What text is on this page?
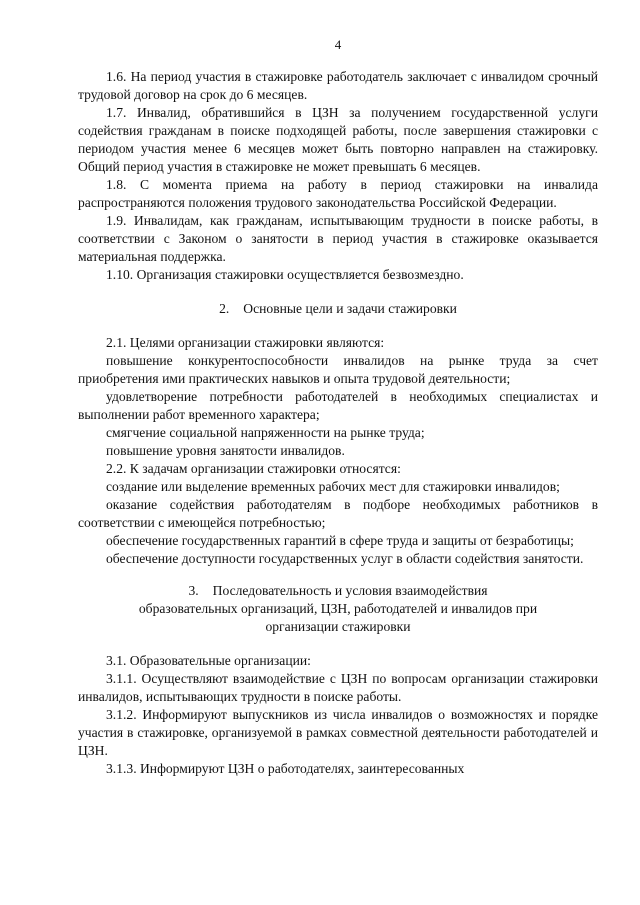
4

1.6. На период участия в стажировке работодатель заключает с инвалидом срочный трудовой договор на срок до 6 месяцев.

1.7. Инвалид, обратившийся в ЦЗН за получением государственной услуги содействия гражданам в поиске подходящей работы, после завершения стажировки с периодом участия менее 6 месяцев может быть повторно направлен на стажировку. Общий период участия в стажировке не может превышать 6 месяцев.

1.8. С момента приема на работу в период стажировки на инвалида распространяются положения трудового законодательства Российской Федерации.

1.9. Инвалидам, как гражданам, испытывающим трудности в поиске работы, в соответствии с Законом о занятости в период участия в стажировке оказывается материальная поддержка.

1.10. Организация стажировки осуществляется безвозмездно.

2. Основные цели и задачи стажировки

2.1. Целями организации стажировки являются:

повышение конкурентоспособности инвалидов на рынке труда за счет приобретения ими практических навыков и опыта трудовой деятельности;

удовлетворение потребности работодателей в необходимых специалистах и выполнении работ временного характера;

смягчение социальной напряженности на рынке труда;

повышение уровня занятости инвалидов.

2.2. К задачам организации стажировки относятся:

создание или выделение временных рабочих мест для стажировки инвалидов;

оказание содействия работодателям в подборе необходимых работников в соответствии с имеющейся потребностью;

обеспечение государственных гарантий в сфере труда и защиты от безработицы;

обеспечение доступности государственных услуг в области содействия занятости.

3. Последовательность и условия взаимодействия
образовательных организаций, ЦЗН, работодателей и инвалидов при
организации стажировки

3.1. Образовательные организации:

3.1.1. Осуществляют взаимодействие с ЦЗН по вопросам организации стажировки инвалидов, испытывающих трудности в поиске работы.

3.1.2. Информируют выпускников из числа инвалидов о возможностях и порядке участия в стажировке, организуемой в рамках совместной деятельности работодателей и ЦЗН.

3.1.3. Информируют ЦЗН о работодателях, заинтересованных
